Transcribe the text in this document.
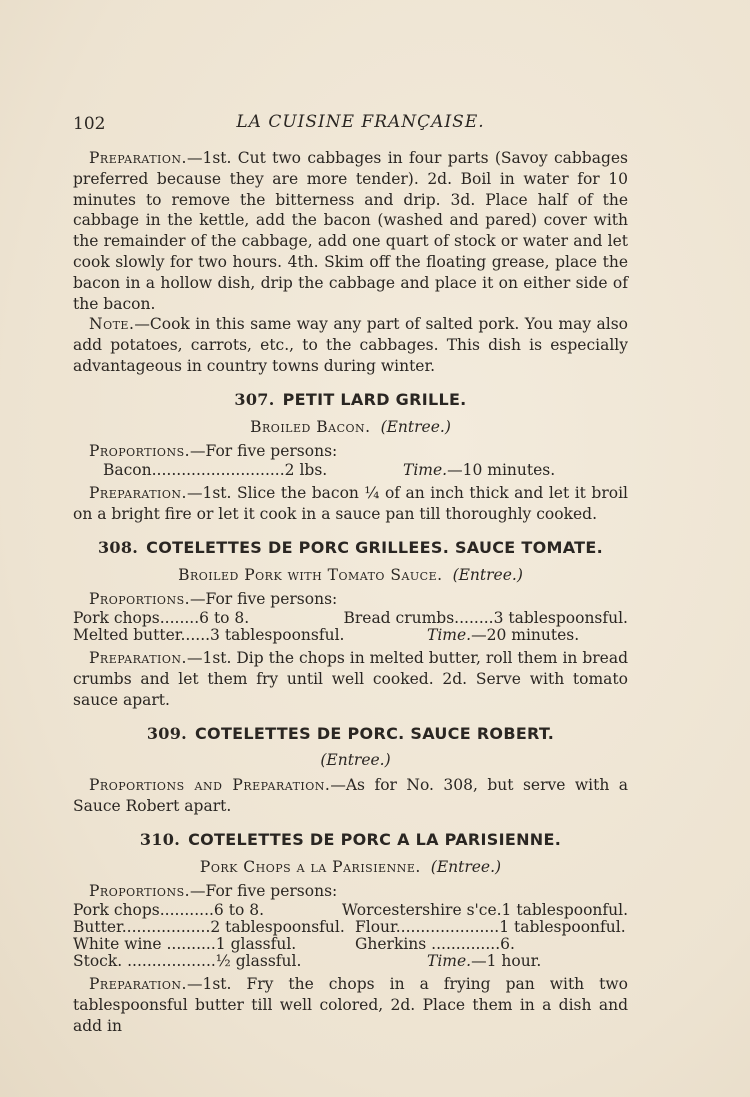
102	LA CUISINE FRANÇAISE.

Preparation.—1st. Cut two cabbages in four parts (Savoy cabbages preferred because they are more tender). 2d. Boil in water for 10 minutes to remove the bitterness and drip. 3d. Place half of the cabbage in the kettle, add the bacon (washed and pared) cover with the remainder of the cabbage, add one quart of stock or water and let cook slowly for two hours. 4th. Skim off the floating grease, place the bacon in a hollow dish, drip the cabbage and place it on either side of the bacon.

Note.—Cook in this same way any part of salted pork. You may also add potatoes, carrots, etc., to the cabbages. This dish is especially advantageous in country towns during winter.

307. PETIT LARD GRILLE.
Broiled Bacon. (Entree.)
Proportions.—For five persons:
Bacon...........................2 lbs.	Time.—10 minutes.

Preparation.—1st. Slice the bacon ¼ of an inch thick and let it broil on a bright fire or let it cook in a sauce pan till thoroughly cooked.

308. COTELETTES DE PORC GRILLEES. SAUCE TOMATE.
Broiled Pork with Tomato Sauce. (Entree.)
Proportions.—For five persons:
Pork chops........6 to 8.	Bread crumbs........3 tablespoonsful.
Melted butter......3 tablespoonsful.	Time.—20 minutes.

Preparation.—1st. Dip the chops in melted butter, roll them in bread crumbs and let them fry until well cooked. 2d. Serve with tomato sauce apart.

309. COTELETTES DE PORC. SAUCE ROBERT.
(Entree.)

Proportions and Preparation.—As for No. 308, but serve with a Sauce Robert apart.

310. COTELETTES DE PORC A LA PARISIENNE.
Pork Chops a la Parisienne. (Entree.)
Proportions.—For five persons:
Pork chops...........6 to 8.	Worcestershire s'ce.1 tablespoonful.
Butter..................2 tablespoonsful. Flour.....................1 tablespoonful.
White wine ..........1 glassful.	Gherkins ..............6.
Stock. ..................½ glassful.	Time.—1 hour.

Preparation.—1st. Fry the chops in a frying pan with two tablespoonsful butter till well colored, 2d. Place them in a dish and add in
